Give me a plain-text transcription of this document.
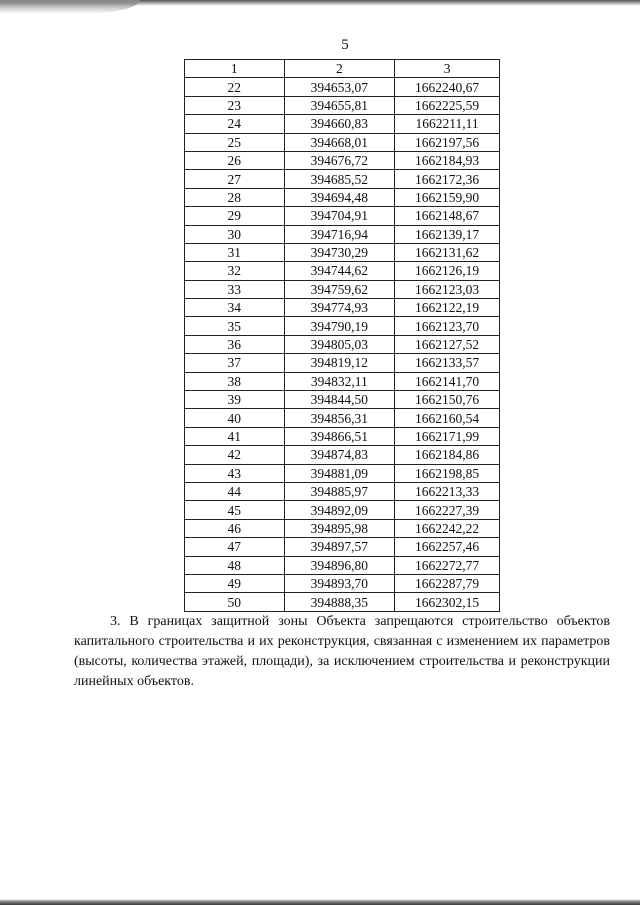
5
1	2	3
22	394653,07	1662240,67
23	394655,81	1662225,59
24	394660,83	1662211,11
25	394668,01	1662197,56
26	394676,72	1662184,93
27	394685,52	1662172,36
28	394694,48	1662159,90
29	394704,91	1662148,67
30	394716,94	1662139,17
31	394730,29	1662131,62
32	394744,62	1662126,19
33	394759,62	1662123,03
34	394774,93	1662122,19
35	394790,19	1662123,70
36	394805,03	1662127,52
37	394819,12	1662133,57
38	394832,11	1662141,70
39	394844,50	1662150,76
40	394856,31	1662160,54
41	394866,51	1662171,99
42	394874,83	1662184,86
43	394881,09	1662198,85
44	394885,97	1662213,33
45	394892,09	1662227,39
46	394895,98	1662242,22
47	394897,57	1662257,46
48	394896,80	1662272,77
49	394893,70	1662287,79
50	394888,35	1662302,15

3. В границах защитной зоны Объекта запрещаются строительство объектов капитального строительства и их реконструкция, связанная с изменением их параметров (высоты, количества этажей, площади), за исключением строительства и реконструкции линейных объектов.
